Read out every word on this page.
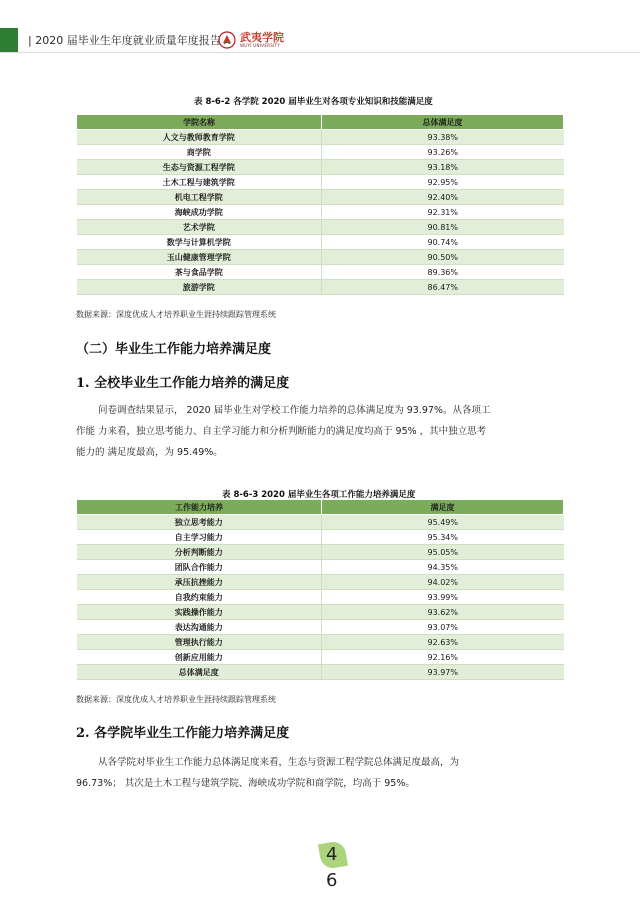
| 2020 届毕业生年度就业质量年度报告 武夷学院
WUYI UNIVERSITY
表 8-6-2 各学院 2020 届毕业生对各项专业知识和技能满足度
学院名称	总体满足度
人文与教师教育学院	93.38%
商学院	93.26%
生态与资源工程学院	93.18%
土木工程与建筑学院	92.95%
机电工程学院	92.40%
海峡成功学院	92.31%
艺术学院	90.81%
数学与计算机学院	90.74%
玉山健康管理学院	90.50%
茶与食品学院	89.36%
旅游学院	86.47%
数据来源：深度优成人才培养职业生涯持续跟踪管理系统
（二）毕业生工作能力培养满足度
1. 全校毕业生工作能力培养的满足度
问卷调查结果显示， 2020 届毕业生对学校工作能力培养的总体满足度为 93.97%。从各项工
作能 力来看，独立思考能力、自主学习能力和分析判断能力的满足度均高于 95% ，其中独立思考
能力的 满足度最高，为 95.49%。
表 8-6-3 2020 届毕业生各项工作能力培养满足度
工作能力培养	满足度
独立思考能力	95.49%
自主学习能力	95.34%
分析判断能力	95.05%
团队合作能力	94.35%
承压抗挫能力	94.02%
自我约束能力	93.99%
实践操作能力	93.62%
表达沟通能力	93.07%
管理执行能力	92.63%
创新应用能力	92.16%
总体满足度	93.97%
数据来源：深度优成人才培养职业生涯持续跟踪管理系统
2. 各学院毕业生工作能力培养满足度
从各学院对毕业生工作能力总体满足度来看，生态与资源工程学院总体满足度最高，为
96.73%； 其次是土木工程与建筑学院、海峡成功学院和商学院，均高于 95%。
4
6
